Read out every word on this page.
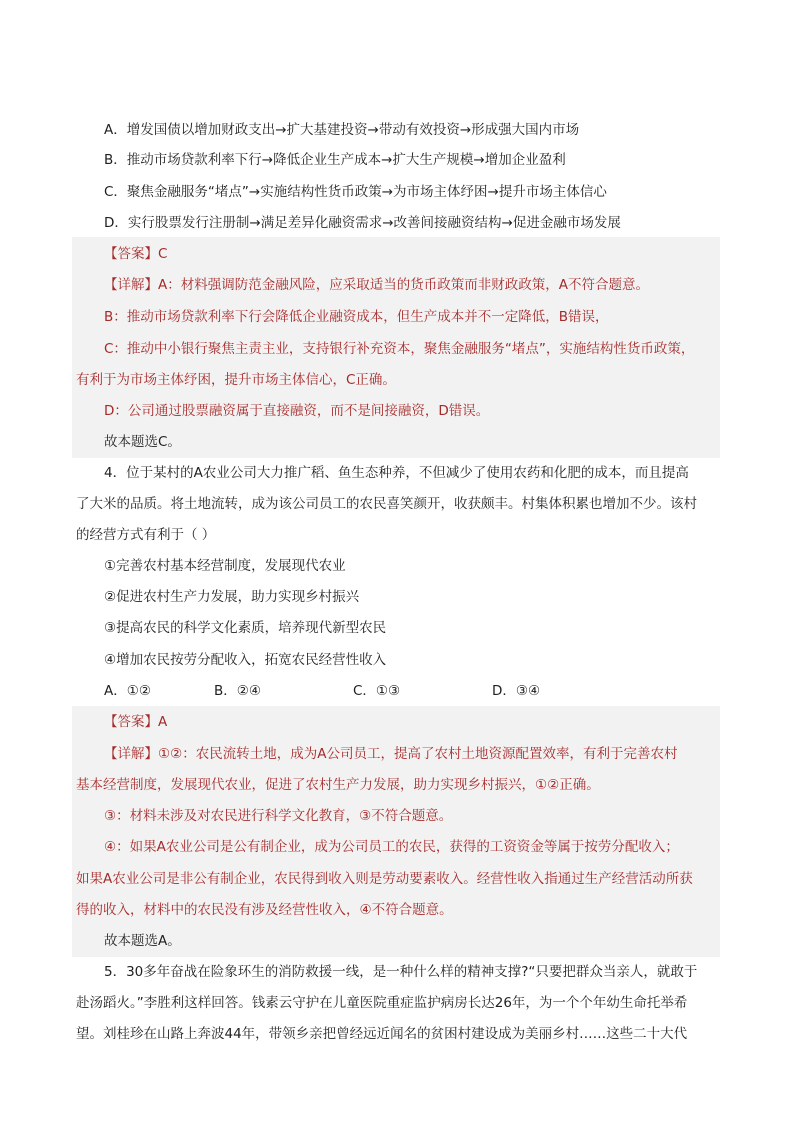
A．增发国债以增加财政支出→扩大基建投资→带动有效投资→形成强大国内市场
B．推动市场贷款利率下行→降低企业生产成本→扩大生产规模→增加企业盈利
C．聚焦金融服务“堵点”→实施结构性货币政策→为市场主体纾困→提升市场主体信心
D．实行股票发行注册制→满足差异化融资需求→改善间接融资结构→促进金融市场发展
【答案】C
【详解】A：材料强调防范金融风险，应采取适当的货币政策而非财政政策，A不符合题意。
B：推动市场贷款利率下行会降低企业融资成本，但生产成本并不一定降低，B错误，
C：推动中小银行聚焦主责主业，支持银行补充资本，聚焦金融服务“堵点”，实施结构性货币政策，
有利于为市场主体纾困，提升市场主体信心，C正确。
D：公司通过股票融资属于直接融资，而不是间接融资，D错误。
故本题选C。
4．位于某村的A农业公司大力推广稻、鱼生态种养，不但减少了使用农药和化肥的成本，而且提高
了大米的品质。将土地流转，成为该公司员工的农民喜笑颜开，收获颇丰。村集体积累也增加不少。该村
的经营方式有利于（ ）
①完善农村基本经营制度，发展现代农业
②促进农村生产力发展，助力实现乡村振兴
③提高农民的科学文化素质，培养现代新型农民
④增加农民按劳分配收入，拓宽农民经营性收入
A．①②	B．②④	C．①③	D．③④
【答案】A
【详解】①②：农民流转土地，成为A公司员工，提高了农村土地资源配置效率，有利于完善农村
基本经营制度，发展现代农业，促进了农村生产力发展，助力实现乡村振兴，①②正确。
③：材料未涉及对农民进行科学文化教育，③不符合题意。
④：如果A农业公司是公有制企业，成为公司员工的农民，获得的工资资金等属于按劳分配收入；
如果A农业公司是非公有制企业，农民得到收入则是劳动要素收入。经营性收入指通过生产经营活动所获
得的收入，材料中的农民没有涉及经营性收入，④不符合题意。
故本题选A。
5．30多年奋战在险象环生的消防救援一线，是一种什么样的精神支撑?“只要把群众当亲人，就敢于
赴汤蹈火。”李胜利这样回答。钱素云守护在儿童医院重症监护病房长达26年，为一个个年幼生命托举希
望。刘桂珍在山路上奔波44年，带领乡亲把曾经远近闻名的贫困村建设成为美丽乡村……这些二十大代
